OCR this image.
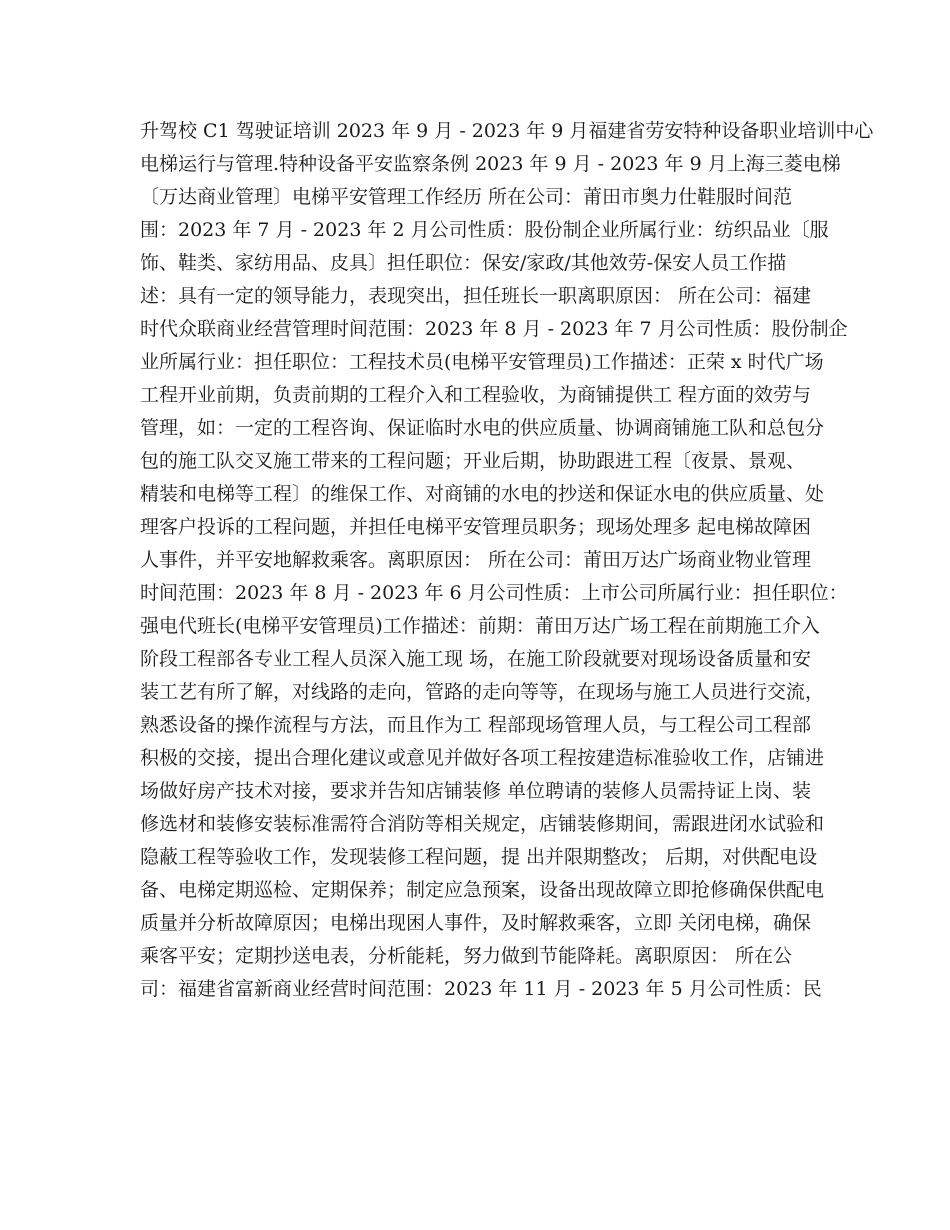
升驾校 C1 驾驶证培训 2023 年 9 月 - 2023 年 9 月福建省劳安特种设备职业培训中心
电梯运行与管理.特种设备平安监察条例 2023 年 9 月 - 2023 年 9 月上海三菱电梯
〔万达商业管理〕电梯平安管理工作经历 所在公司：莆田市奥力仕鞋服时间范
围：2023 年 7 月 - 2023 年 2 月公司性质：股份制企业所属行业：纺织品业〔服
饰、鞋类、家纺用品、皮具〕担任职位：保安/家政/其他效劳-保安人员工作描
述：具有一定的领导能力，表现突出，担任班长一职离职原因： 所在公司：福建
时代众联商业经营管理时间范围：2023 年 8 月 - 2023 年 7 月公司性质：股份制企
业所属行业：担任职位：工程技术员(电梯平安管理员)工作描述：正荣 x 时代广场
工程开业前期，负责前期的工程介入和工程验收，为商铺提供工 程方面的效劳与
管理，如：一定的工程咨询、保证临时水电的供应质量、协调商铺施工队和总包分
包的施工队交叉施工带来的工程问题；开业后期，协助跟进工程〔夜景、景观、
精装和电梯等工程〕的维保工作、对商铺的水电的抄送和保证水电的供应质量、处
理客户投诉的工程问题，并担任电梯平安管理员职务；现场处理多 起电梯故障困
人事件，并平安地解救乘客。离职原因： 所在公司：莆田万达广场商业物业管理
时间范围：2023 年 8 月 - 2023 年 6 月公司性质：上市公司所属行业：担任职位：
强电代班长(电梯平安管理员)工作描述：前期：莆田万达广场工程在前期施工介入
阶段工程部各专业工程人员深入施工现 场，在施工阶段就要对现场设备质量和安
装工艺有所了解，对线路的走向，管路的走向等等，在现场与施工人员进行交流，
熟悉设备的操作流程与方法，而且作为工 程部现场管理人员，与工程公司工程部
积极的交接，提出合理化建议或意见并做好各项工程按建造标准验收工作，店铺进
场做好房产技术对接，要求并告知店铺装修 单位聘请的装修人员需持证上岗、装
修选材和装修安装标准需符合消防等相关规定，店铺装修期间，需跟进闭水试验和
隐蔽工程等验收工作，发现装修工程问题，提 出并限期整改； 后期，对供配电设
备、电梯定期巡检、定期保养；制定应急预案，设备出现故障立即抢修确保供配电
质量并分析故障原因；电梯出现困人事件，及时解救乘客，立即 关闭电梯，确保
乘客平安；定期抄送电表，分析能耗，努力做到节能降耗。离职原因： 所在公
司：福建省富新商业经营时间范围：2023 年 11 月 - 2023 年 5 月公司性质：民
